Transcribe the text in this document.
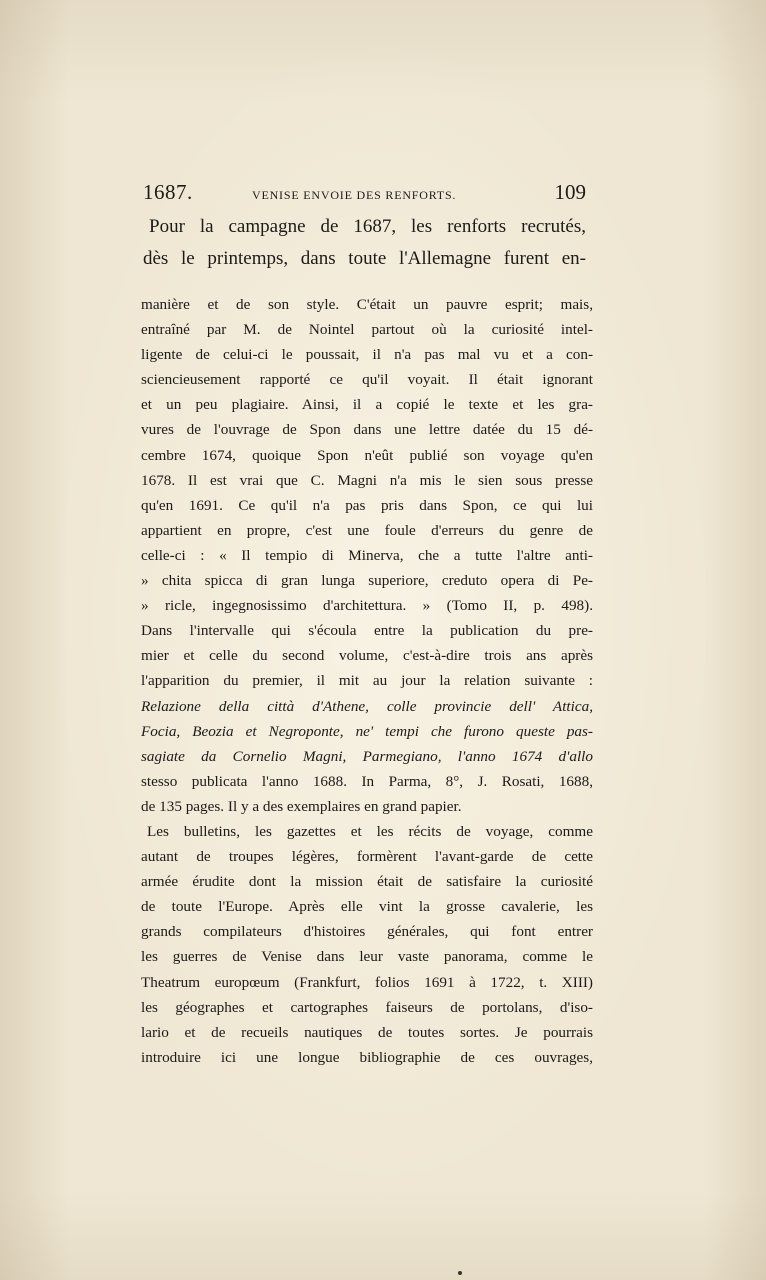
1687.	VENISE ENVOIE DES RENFORTS.	109
Pour la campagne de 1687, les renforts recrutés,
dès le printemps, dans toute l'Allemagne furent en-
manière et de son style. C'était un pauvre esprit; mais,
entraîné par M. de Nointel partout où la curiosité intel-
ligente de celui-ci le poussait, il n'a pas mal vu et a con-
sciencieusement rapporté ce qu'il voyait. Il était ignorant
et un peu plagiaire. Ainsi, il a copié le texte et les gra-
vures de l'ouvrage de Spon dans une lettre datée du 15 dé-
cembre 1674, quoique Spon n'eût publié son voyage qu'en
1678. Il est vrai que C. Magni n'a mis le sien sous presse
qu'en 1691. Ce qu'il n'a pas pris dans Spon, ce qui lui
appartient en propre, c'est une foule d'erreurs du genre de
celle-ci : « Il tempio di Minerva, che a tutte l'altre anti-
» chita spicca di gran lunga superiore, creduto opera di Pe-
» ricle, ingegnosissimo d'architettura. » (Tomo II, p. 498).
Dans l'intervalle qui s'écoula entre la publication du pre-
mier et celle du second volume, c'est-à-dire trois ans après
l'apparition du premier, il mit au jour la relation suivante :
Relazione della città d'Athene, colle provincie dell' Attica,
Focia, Beozia et Negroponte, ne' tempi che furono queste pas-
sagiate da Cornelio Magni, Parmegiano, l'anno 1674 d'allo
stesso publicata l'anno 1688. In Parma, 8°, J. Rosati, 1688,
de 135 pages. Il y a des exemplaires en grand papier.
Les bulletins, les gazettes et les récits de voyage, comme
autant de troupes légères, formèrent l'avant-garde de cette
armée érudite dont la mission était de satisfaire la curiosité
de toute l'Europe. Après elle vint la grosse cavalerie, les
grands compilateurs d'histoires générales, qui font entrer
les guerres de Venise dans leur vaste panorama, comme le
Theatrum europœum (Frankfurt, folios 1691 à 1722, t. XIII)
les géographes et cartographes faiseurs de portolans, d'iso-
lario et de recueils nautiques de toutes sortes. Je pourrais
introduire ici une longue bibliographie de ces ouvrages,
